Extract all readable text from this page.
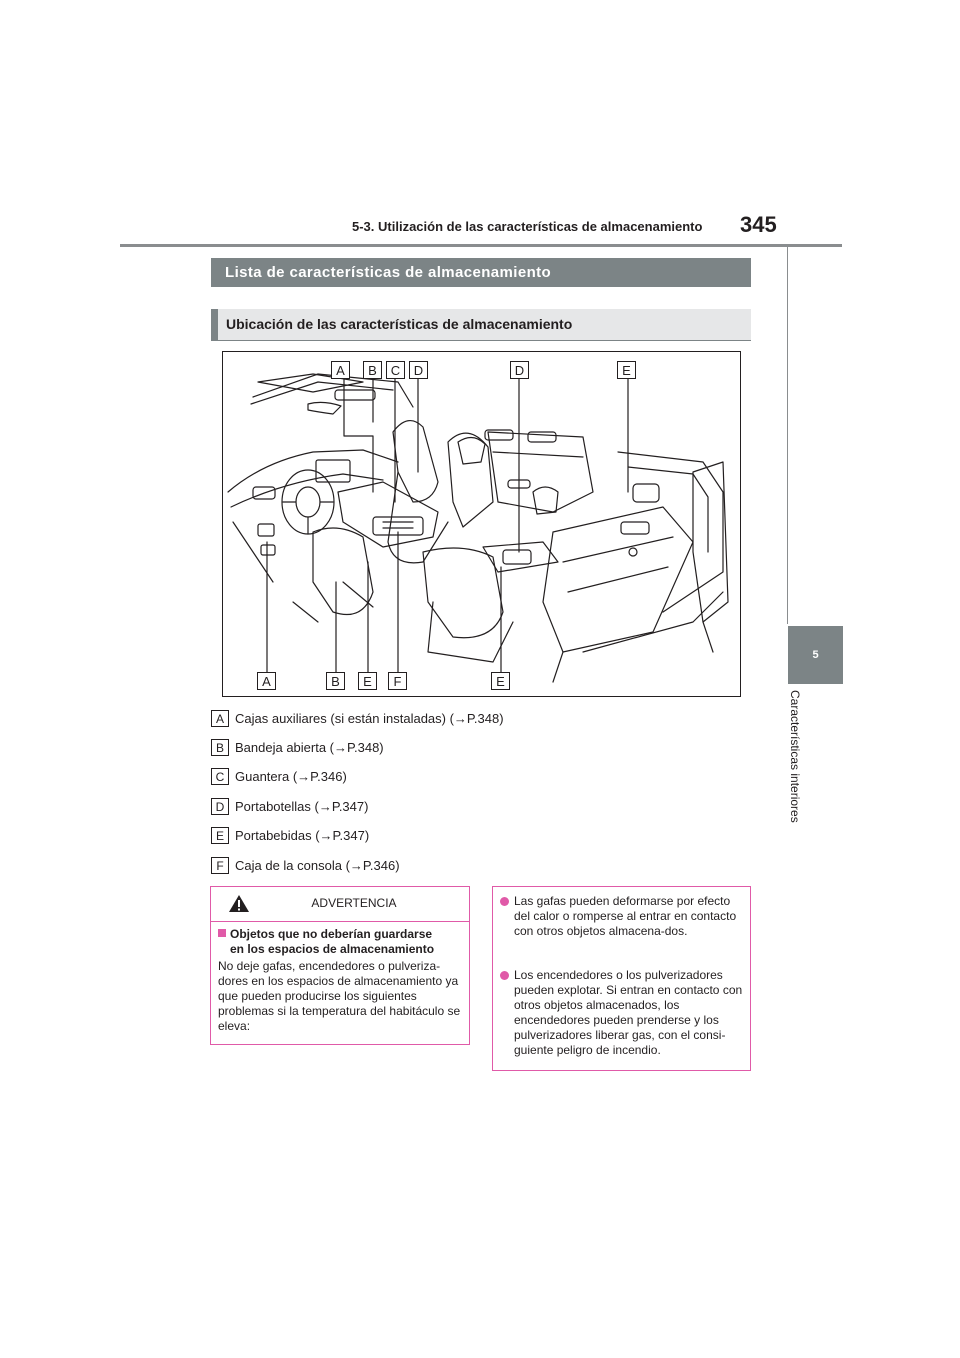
5-3. Utilización de las características de almacenamiento 345
5
Características interiores
Lista de características de almacenamiento
Ubicación de las características de almacenamiento
A	B	C	D	D	E
A	B	E	F	E
A Cajas auxiliares (si están instaladas) (→P.348)
B Bandeja abierta (→P.348)
C Guantera (→P.346)
D Portabotellas (→P.347)
E Portabebidas (→P.347)
F Caja de la consola (→P.346)
ADVERTENCIA
Objetos que no deberían guardarse
en los espacios de almacenamiento
No deje gafas, encendedores o pulveriza-dores en los espacios de almacenamiento ya que pueden producirse los siguientes problemas si la temperatura del habitáculo se eleva:
Las gafas pueden deformarse por efecto del calor o romperse al entrar en contacto con otros objetos almacena-dos.
Los encendedores o los pulverizadores pueden explotar. Si entran en contacto con otros objetos almacenados, los encendedores pueden prenderse y los pulverizadores liberar gas, con el consi-guiente peligro de incendio.
